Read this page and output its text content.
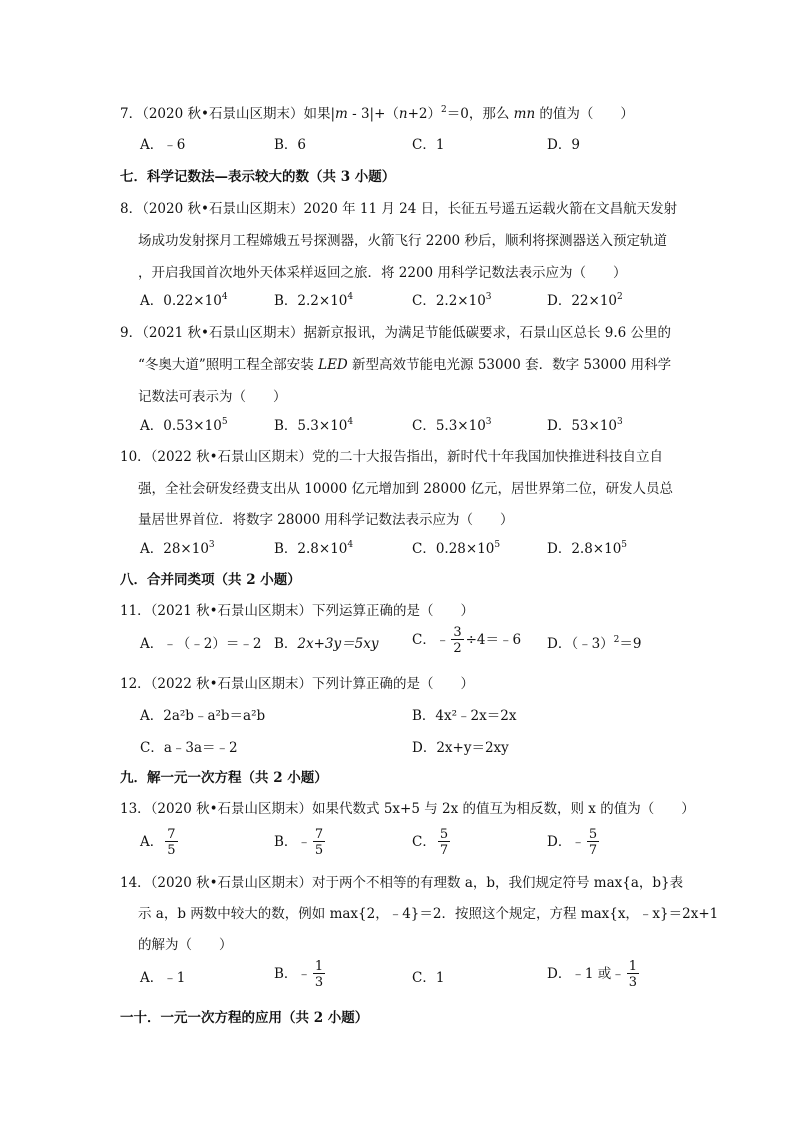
7．（2020 秋•石景山区期末）如果$|m - 3|+(n+2)^2=0$，那么 mn 的值为（　　）
A．﹣6	B．6	C．1	D．9
七．科学记数法—表示较大的数（共 3 小题）
8．（2020 秋•石景山区期末）2020 年 11 月 24 日，长征五号遥五运载火箭在文昌航天发射
场成功发射探月工程嫦娥五号探测器，火箭飞行 2200 秒后，顺利将探测器送入预定轨道
，开启我国首次地外天体采样返回之旅．将 2200 用科学记数法表示应为（　　）
A．$0.22\times 10^4$	B．$2.2\times 10^4$	C．$2.2\times 10^3$	D．$22\times 10^2$
9．（2021 秋•石景山区期末）据新京报讯，为满足节能低碳要求，石景山区总长 9.6 公里的
“冬奥大道”照明工程全部安装 LED 新型高效节能电光源 53000 套．数字 53000 用科学
记数法可表示为（　　）
A．$0.53\times 10^5$	B．$5.3\times 10^4$	C．$5.3\times 10^3$	D．$53\times 10^3$
10．（2022 秋•石景山区期末）党的二十大报告指出，新时代十年我国加快推进科技自立自
强，全社会研发经费支出从 10000 亿元增加到 28000 亿元，居世界第二位，研发人员总
量居世界首位．将数字 28000 用科学记数法表示应为（　　）
A．$28\times 10^3$	B．$2.8\times 10^4$	C．$0.28\times 10^5$	D．$2.8\times 10^5$
八．合并同类项（共 2 小题）
11．（2021 秋•石景山区期末）下列运算正确的是（　　）
A．﹣（﹣2）＝﹣2 B．2x+3y＝5xy C．﹣ $\frac{3}{2}$ ÷4＝﹣6 D．（﹣3）$^2$＝9
12．（2022 秋•石景山区期末）下列计算正确的是（　　）
A．2a²b﹣a²b＝a²b	B．4x²﹣2x＝2x
C．a﹣3a＝﹣2	D．2x+y＝2xy
九．解一元一次方程（共 2 小题）
13．（2020 秋•石景山区期末）如果代数式 5x+5 与 2x 的值互为相反数，则 x 的值为（　　）
A． $\frac{7}{5}$	B．﹣ $\frac{7}{5}$	C． $\frac{5}{7}$	D．﹣ $\frac{5}{7}$
14．（2020 秋•石景山区期末）对于两个不相等的有理数 a，b，我们规定符号 max{a，b}表
示 a，b 两数中较大的数，例如 max{2，﹣4}＝2．按照这个规定，方程 max{x，﹣x}＝2x+1
的解为（　　）
A．﹣1	B．﹣ $\frac{1}{3}$	C．1	D．﹣1 或﹣ $\frac{1}{3}$
一十．一元一次方程的应用（共 2 小题）
